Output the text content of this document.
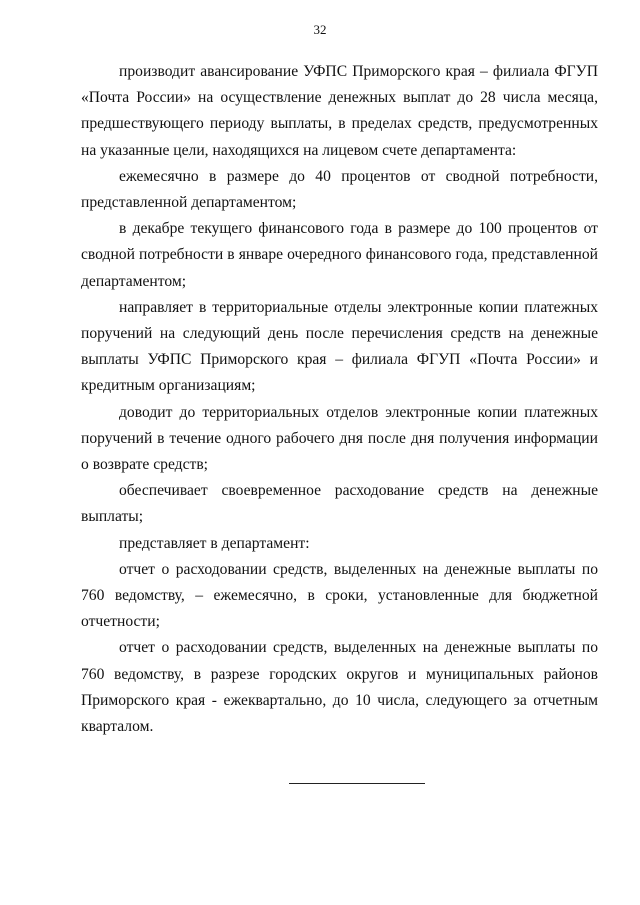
32

производит авансирование УФПС Приморского края – филиала ФГУП «Почта России» на осуществление денежных выплат до 28 числа месяца, предшествующего периоду выплаты, в пределах средств, предусмотренных на указанные цели, находящихся на лицевом счете департамента:

ежемесячно в размере до 40 процентов от сводной потребности, представленной департаментом;

в декабре текущего финансового года в размере до 100 процентов от сводной потребности в январе очередного финансового года, представленной департаментом;

направляет в территориальные отделы электронные копии платежных поручений на следующий день после перечисления средств на денежные выплаты УФПС Приморского края – филиала ФГУП «Почта России» и кредитным организациям;

доводит до территориальных отделов электронные копии платежных поручений в течение одного рабочего дня после дня получения информации о возврате средств;

обеспечивает своевременное расходование средств на денежные выплаты;

представляет в департамент:

отчет о расходовании средств, выделенных на денежные выплаты по 760 ведомству, – ежемесячно, в сроки, установленные для бюджетной отчетности;

отчет о расходовании средств, выделенных на денежные выплаты по 760 ведомству, в разрезе городских округов и муниципальных районов Приморского края - ежеквартально, до 10 числа, следующего за отчетным кварталом.
